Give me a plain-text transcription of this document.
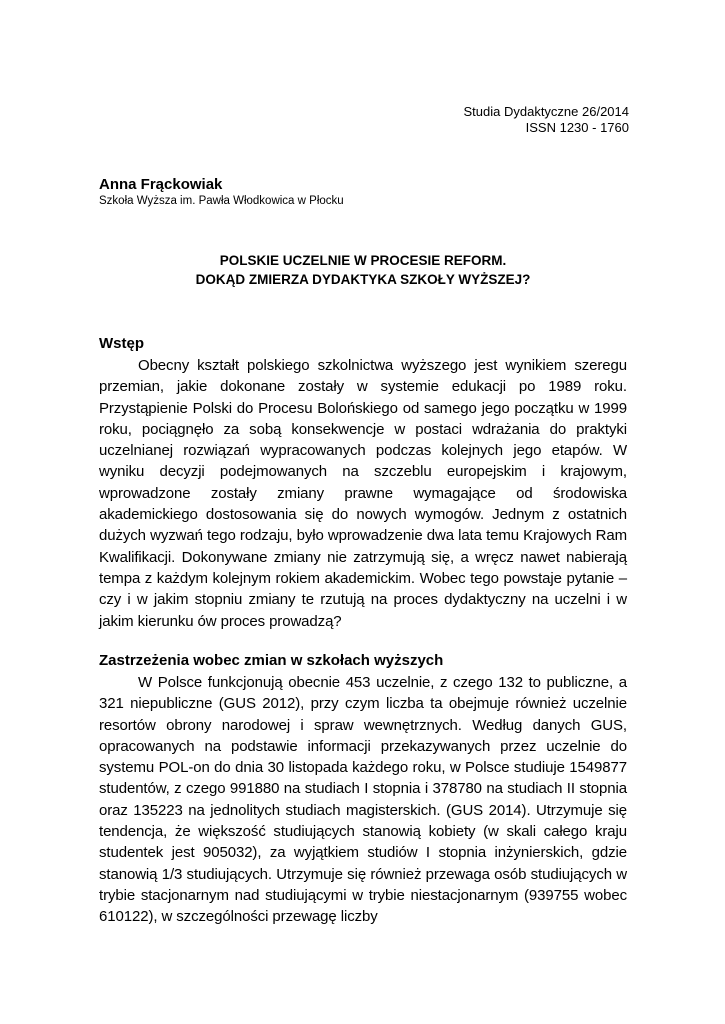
Studia Dydaktyczne 26/2014
ISSN 1230 - 1760
Anna Frąckowiak
Szkoła Wyższa im. Pawła Włodkowica w Płocku
POLSKIE UCZELNIE W PROCESIE REFORM.
DOKĄD ZMIERZA DYDAKTYKA SZKOŁY WYŻSZEJ?
Wstęp

Obecny kształt polskiego szkolnictwa wyższego jest wynikiem szeregu przemian, jakie dokonane zostały w systemie edukacji po 1989 roku. Przystąpienie Polski do Procesu Bolońskiego od samego jego początku w 1999 roku, pociągnęło za sobą konsekwencje w postaci wdrażania do praktyki uczelnianej rozwiązań wypracowanych podczas kolejnych jego etapów. W wyniku decyzji podejmowanych na szczeblu europejskim i krajowym, wprowadzone zostały zmiany prawne wymagające od środowiska akademickiego dostosowania się do nowych wymogów. Jednym z ostatnich dużych wyzwań tego rodzaju, było wprowadzenie dwa lata temu Krajowych Ram Kwalifikacji. Dokonywane zmiany nie zatrzymują się, a wręcz nawet nabierają tempa z każdym kolejnym rokiem akademickim. Wobec tego powstaje pytanie – czy i w jakim stopniu zmiany te rzutują na proces dydaktyczny na uczelni i w jakim kierunku ów proces prowadzą?

Zastrzeżenia wobec zmian w szkołach wyższych

W Polsce funkcjonują obecnie 453 uczelnie, z czego 132 to publiczne, a 321 niepubliczne (GUS 2012), przy czym liczba ta obejmuje również uczelnie resortów obrony narodowej i spraw wewnętrznych. Według danych GUS, opracowanych na podstawie informacji przekazywanych przez uczelnie do systemu POL-on do dnia 30 listopada każdego roku, w Polsce studiuje 1549877 studentów, z czego 991880 na studiach I stopnia i 378780 na studiach II stopnia oraz 135223 na jednolitych studiach magisterskich. (GUS 2014). Utrzymuje się tendencja, że większość studiujących stanowią kobiety (w skali całego kraju studentek jest 905032), za wyjątkiem studiów I stopnia inżynierskich, gdzie stanowią 1/3 studiujących. Utrzymuje się również przewaga osób studiujących w trybie stacjonarnym nad studiującymi w trybie niestacjonarnym (939755 wobec 610122), w szczególności przewagę liczby
